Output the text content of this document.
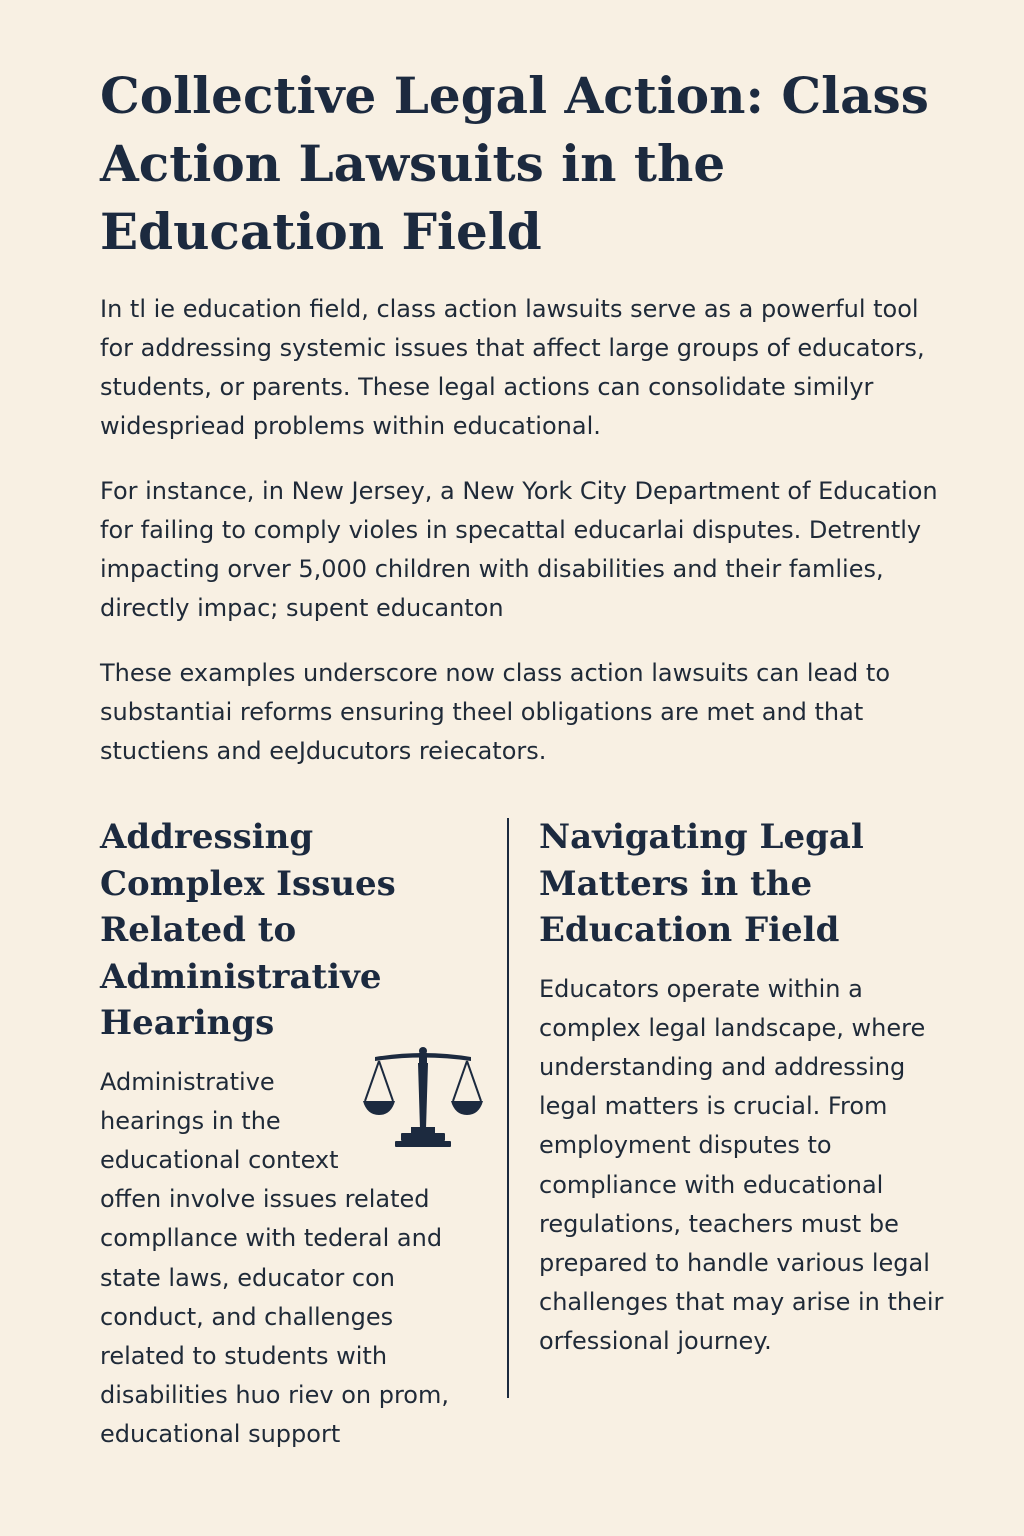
Collective Legal Action: Class Action Lawsuits in the Education Field

In tl ie education field, class action lawsuits serve as a powerful tool for addressing systemic issues that affect large groups of educators, students, or parents. These legal actions can consolidate similyr widespriead problems within educational.

For instance, in New Jersey, a New York City Department of Education for failing to comply violes in specattal educarlai disputes. Detrently impacting orver 5,000 children with disabilities and their famlies, directly impac; supent educanton

These examples underscore now class action lawsuits can lead to substantiai reforms ensuring theel obligations are met and that stuctiens and eeJducutors reiecators.

Addressing Complex Issues Related to Administrative Hearings
Administrative hearings in the educational context offen involve issues related compllance with tederal and state laws, educator con conduct, and challenges related to students with disabilities huo riev on prom, educational support
Navigating Legal Matters in the Education Field

Educators operate within a complex legal landscape, where understanding and addressing legal matters is crucial. From employment disputes to compliance with educational regulations, teachers must be prepared to handle various legal challenges that may arise in their orfessional journey.
